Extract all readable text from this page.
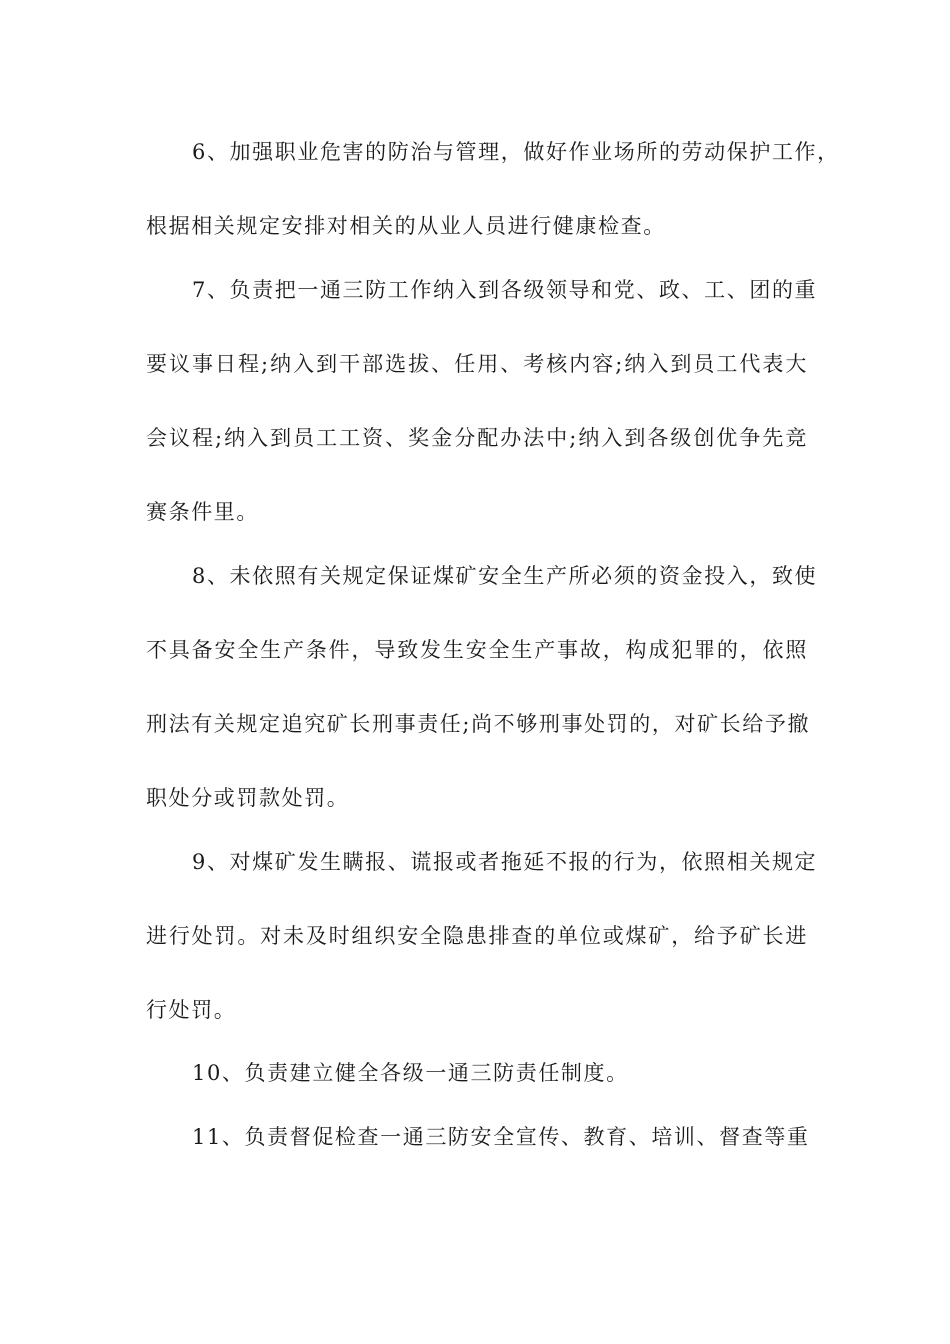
6、加强职业危害的防治与管理，做好作业场所的劳动保护工作，
根据相关规定安排对相关的从业人员进行健康检查。
7、负责把一通三防工作纳入到各级领导和党、政、工、团的重
要议事日程;纳入到干部选拔、任用、考核内容;纳入到员工代表大
会议程;纳入到员工工资、奖金分配办法中;纳入到各级创优争先竞
赛条件里。
8、未依照有关规定保证煤矿安全生产所必须的资金投入，致使
不具备安全生产条件，导致发生安全生产事故，构成犯罪的，依照
刑法有关规定追究矿长刑事责任;尚不够刑事处罚的，对矿长给予撤
职处分或罚款处罚。
9、对煤矿发生瞒报、谎报或者拖延不报的行为，依照相关规定
进行处罚。对未及时组织安全隐患排查的单位或煤矿，给予矿长进
行处罚。
10、负责建立健全各级一通三防责任制度。
11、负责督促检查一通三防安全宣传、教育、培训、督查等重
